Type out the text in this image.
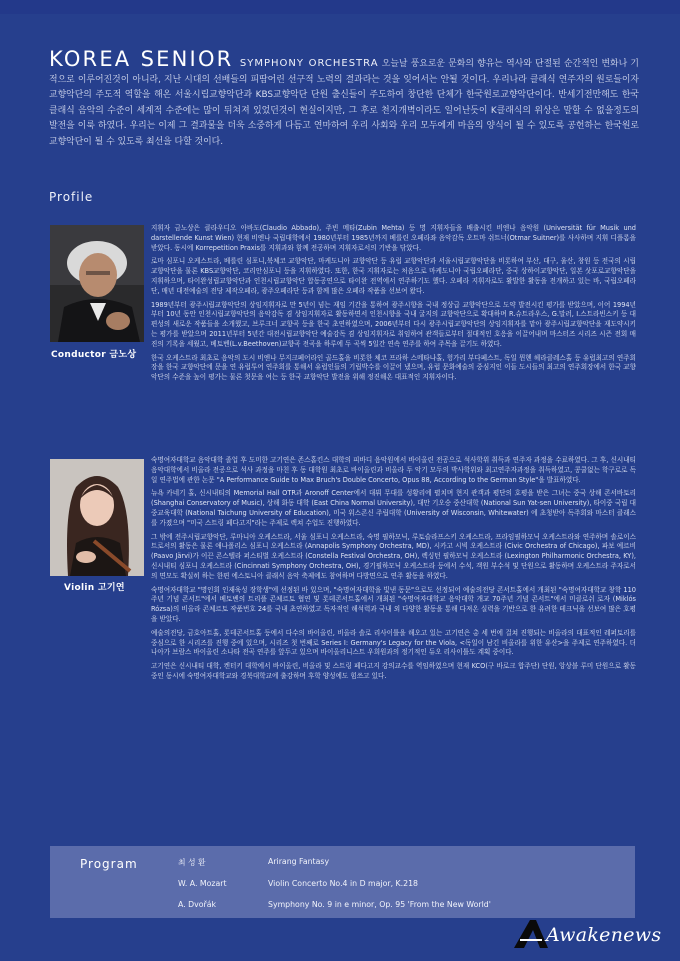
KOREA SENIOR SYMPHONY ORCHESTRA 오늘날 풍요로운 문화의 향유는 역사와 단절된 순간적인 변화나 기적으로 이루어진것이 아니라, 지난 시대의 선배들의 피땀어린 선구적 노력의 결과라는 것을 잊어서는 안될 것이다. 우리나라 클래식 연주자의 원로들이자 교향악단의 주도적 역할을 해온 서울시립교향악단과 KBS교향악단 단원 출신들이 주도하여 창단한 단체가 한국원로교향악단이다. 반세기전만해도 한국 클래식 음악의 수준이 세계적 수준에는 많이 뒤쳐져 있었던것이 현실이지만, 그 후로 천지개벽이라도 일어난듯이 K클래식의 위상은 말할 수 없을정도의 발전을 이룩 하였다. 우리는 이제 그 결과물을 더욱 소중하게 다듬고 연마하여 우리 사회와 우리 모두에게 마음의 양식이 될 수 있도록 공헌하는 한국원로교향악단이 될 수 있도록 최선을 다할 것이다.
Profile
Conductor 금노상

지휘자 금노상은 클라우디오 아바도(Claudio Abbado), 주빈 메타(Zubin Mehta) 등 명 지휘자들을 배출시킨 비엔나 음악원 (Universität für Musik und darstellende Kunst Wien) 현재 비엔나 국립대학에서 1980년부터 1985년까지 베를린 오페라좌 음악감독 오트마 쉬트너(Otmar Suitner)를 사사하며 지휘 디플롬을 받았다. 동시에 Korrepetition Praxis를 지휘과와 함께 전공하며 지휘자로서의 기반을 닦았다.

로마 심포니 오케스트라, 베를린 심포니,북체코 교향악단, 마케도니아 교향악단 등 유럽 교향악단과 서울시립교향악단을 비롯하여 부산, 대구, 울산, 창원 등 전국의 시립교향악단을 물론 KBS교향악단, 코리안심포니 등을 지휘하였다. 또한, 한국 지휘자로는 처음으로 마케도니아 국립오페라단, 중국 상하이교향악단, 일본 삿포로교향악단을 지휘하으며, 타이완성립교향악단과 인천시립교향악단 합동공연으로 타이완 전역에서 연주하기도 했다. 오페라 지휘자로도 활발한 활동을 전개하고 있는 바, 국립오페라단, 매년 대전예술의 전당 제작오페라, 광주오페라단 등과 함께 많은 오페라 작품을 선보여 왔다.

1989년부터 광주시립교향악단의 상임지휘자로 만 5년이 넘는 재임 기간을 통하여 광주시향을 국내 정상급 교향악단으로 도약 발전시킨 평가를 받았으며, 이어 1994년부터 10년 동안 인천시립교향악단의 음악감독 겸 상임지휘자로 활동하면서 인천시향을 국내 굴지의 교향악단으로 확대하며 R.슈트라우스, G.말러, I.스트라빈스키 등 대편성의 새로운 작품들을 소개했고, 브루크너 교향곡 등을 한국 초연하였으며, 2006년부터 다시 광주시립교향악단의 상임지휘자를 맡아 광주시립교향악단을 재도약시키는 평가를 받았으며 2011년부터 5년간 대전시립교향악단 예술감독 겸 상임지휘자로 취임하여 관객들로부터 절대적인 호응을 이끌어내며 마스터즈 시리즈 시즌 전회 매진의 기록을 세웠고, 베토벤(L.v.Beethoven)교향곡 전곡을 하루에 두 곡씩 5일간 연속 연주를 하여 주목을 끌기도 하였다.

한국 오케스트라 최초로 음악의 도시 비엔나 무지크페어라인 골드홀을 비롯한 체코 프라하 스메타나홀, 헝가리 부다페스트, 독일 뮌헨 헤라클레스홀 등 유럽최고의 연주회장을 한국 교향악단에 문을 연 유럽투어 연주회를 통해서 유럽인들의 기립박수를 이끌어 냈으며, 유럽 문화예술의 중심지인 이들 도시들의 최고의 연주회장에서 한국 교향악단의 수준을 높이 평가는 물론 첫문을 여는 등 한국 교향악단 발전을 위해 정진해온 대표적인 지휘자이다.

Violin 고기연

숙명여자대학교 음악대학 졸업 후 도미한 고기연은 존스홉킨스 대학의 피바디 음악원에서 바이올린 전공으로 석사학위 취득과 연주자 과정을 수료하였다. 그 후, 신시내티 음악대학에서 비올라 전공으로 석사 과정을 마친 후 동 대학원 최초로 바이올린과 비올라 두 악기 모두의 박사학위와 최고연주자과정을 취득하였고, 콩쿨없는 학구로로 독일 연주법에 관한 논문 "A Performance Guide to Max Bruch's Double Concerto, Opus 88, According to the German Style"을 발표하였다.

뉴욕 카네기 홀, 신시내티의 Memorial Hall OTR과 Aronoff Center에서 대뷔 무대를 성황리에 펼치며 현지 관객과 평단의 호평을 받은 그녀는 중국 상해 콘서바토리 (Shanghai Conservatory of Music), 상해 화동 대학 (East China Normal University), 대만 기오승 중산대학 (National Sun Yat-sen University), 타이중 국립 대중교육대학 (National Taichung University of Education), 미국 위스콘신 주립대학 (University of Wisconsin, Whitewater) 에 초청받아 독주회와 마스터 클래스를 가졌으며 "미국 스트링 페다고지"라는 주제로 렉쳐 수업도 진행하였다.

그 밖에 전주시립교향악단, 루마니아 오케스트라, 서울 심포니 오케스트라, 숙명 필하모닉, 루토슬라프스키 오케스트라, 프라임필하모닉 오케스트라와 연주하며 솔로이스트로서의 활동은 물론 애나폴리스 심포니 오케스트라 (Annapolis Symphony Orchestra, MD), 시카고 시빅 오케스트라 (Civic Orchestra of Chicago), 파보 예르비(Paavo Järvi)가 이끈 콘스텔라 퍼스티벌 오케스트라 (Constella Festival Orchestra, OH), 렉싱턴 필하모닉 오케스트라 (Lexington Philharmonic Orchestra, KY), 신시내티 심포니 오케스트라 (Cincinnati Symphony Orchestra, OH), 경기필하모닉 오케스트라 등에서 수석, 객원 부수석 및 단원으로 활동하며 오케스트라 주자로서의 면모도 확실히 하는 한편 에스토니아 클래식 음악 축제에도 참여하며 다방면으로 연주 활동을 하였다.

숙명여자대학교 "명인회 인재육성 장학생"에 선정된 바 있으며, "숙명여자대학을 빛낸 동문"으로도 선정되어 예술의전당 콘서트홀에서 개최된 "숙명여자대학교 창학 110주년 기념 콘서트"에서 베토벤의 트리플 콘체르토 협연 및 롯데콘서트홀에서 개최된 "숙명여자대학교 음악대학 개교 70주년 기념 콘서트"에서 미클로쉬 로자 (Miklós Rózsa)의 비올라 콘체르토 작품번호 24를 국내 초연하였고 독자적인 해석력과 국내 외 다양한 활동을 통해 다져온 실력을 기반으로 한 유려한 테크닉을 선보여 많은 호평을 받았다.

예술의전당, 금호아트홀, 롯데콘서트홀 등에서 다수의 바이올린, 비올라 솔로 리사이틀을 해오고 있는 고기연은 총 세 번에 걸쳐 진행되는 비올라의 대표적인 레퍼토리를 중심으로 한 시리즈를 진행 중에 있으며, 시리즈 첫 번째로 Series I: Germany's Legacy for the Viola, <독일이 남긴 비올라를 위한 유산>을 주제로 연주하였다. 더 나아가 브람스 바이올린 소나타 전곡 연주를 앞두고 있으며 바이올리니스트 우희원과의 정기적인 듀오 리사이틀도 계획 중이다.

고기연은 신시내티 대학, 켄터키 대학에서 바이올린, 비올라 및 스트링 페다고지 강의교수를 역임하였으며 현재 KCO(구 바로크 합주단) 단원, 앙상블 루미 단원으로 활동 중인 동시에 숙명여자대학교와 경북대학교에 출강하며 후학 양성에도 힘쓰고 있다.

Program	최 성 환	Arirang Fantasy
W. A. Mozart	Violin Concerto No.4 in D major, K.218
A. Dvořák	Symphony No. 9 in e minor, Op. 95 'From the New World'
Awakenews
